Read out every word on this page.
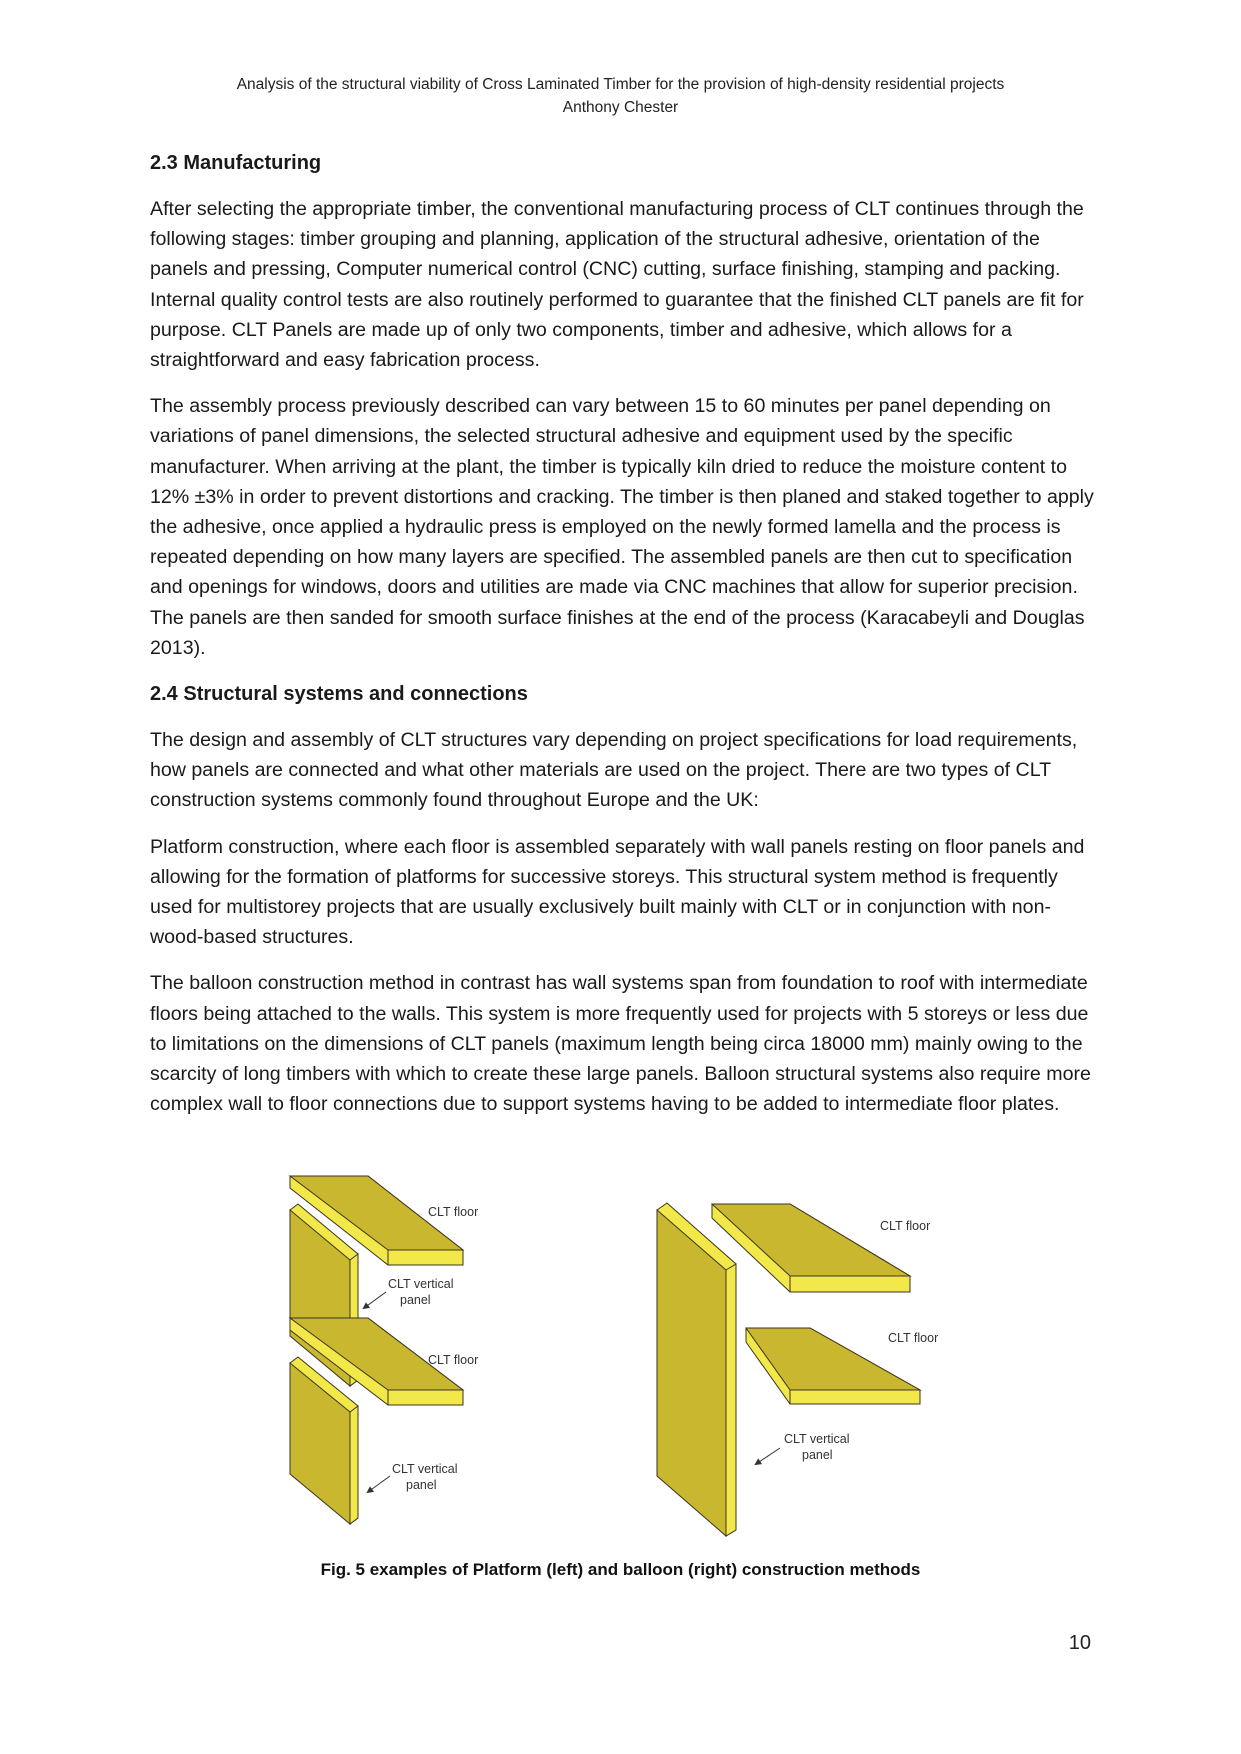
Analysis of the structural viability of Cross Laminated Timber for the provision of high-density residential projects
Anthony Chester
2.3 Manufacturing

After selecting the appropriate timber, the conventional manufacturing process of CLT continues through the following stages: timber grouping and planning, application of the structural adhesive, orientation of the panels and pressing, Computer numerical control (CNC) cutting, surface finishing, stamping and packing. Internal quality control tests are also routinely performed to guarantee that the finished CLT panels are fit for purpose. CLT Panels are made up of only two components, timber and adhesive, which allows for a straightforward and easy fabrication process.

The assembly process previously described can vary between 15 to 60 minutes per panel depending on variations of panel dimensions, the selected structural adhesive and equipment used by the specific manufacturer. When arriving at the plant, the timber is typically kiln dried to reduce the moisture content to 12% ±3% in order to prevent distortions and cracking. The timber is then planed and staked together to apply the adhesive, once applied a hydraulic press is employed on the newly formed lamella and the process is repeated depending on how many layers are specified. The assembled panels are then cut to specification and openings for windows, doors and utilities are made via CNC machines that allow for superior precision. The panels are then sanded for smooth surface finishes at the end of the process (Karacabeyli and Douglas 2013).

2.4 Structural systems and connections

The design and assembly of CLT structures vary depending on project specifications for load requirements, how panels are connected and what other materials are used on the project. There are two types of CLT construction systems commonly found throughout Europe and the UK:

Platform construction, where each floor is assembled separately with wall panels resting on floor panels and allowing for the formation of platforms for successive storeys. This structural system method is frequently used for multistorey projects that are usually exclusively built mainly with CLT or in conjunction with non-wood-based structures.

The balloon construction method in contrast has wall systems span from foundation to roof with intermediate floors being attached to the walls. This system is more frequently used for projects with 5 storeys or less due to limitations on the dimensions of CLT panels (maximum length being circa 18000 mm) mainly owing to the scarcity of long timbers with which to create these large panels. Balloon structural systems also require more complex wall to floor connections due to support systems having to be added to intermediate floor plates.

CLT floor
CLT vertical
panel
CLT floor
CLT vertical
panel
CLT floor
CLT floor
CLT vertical
panel
Fig. 5 examples of Platform (left) and balloon (right) construction methods
10
